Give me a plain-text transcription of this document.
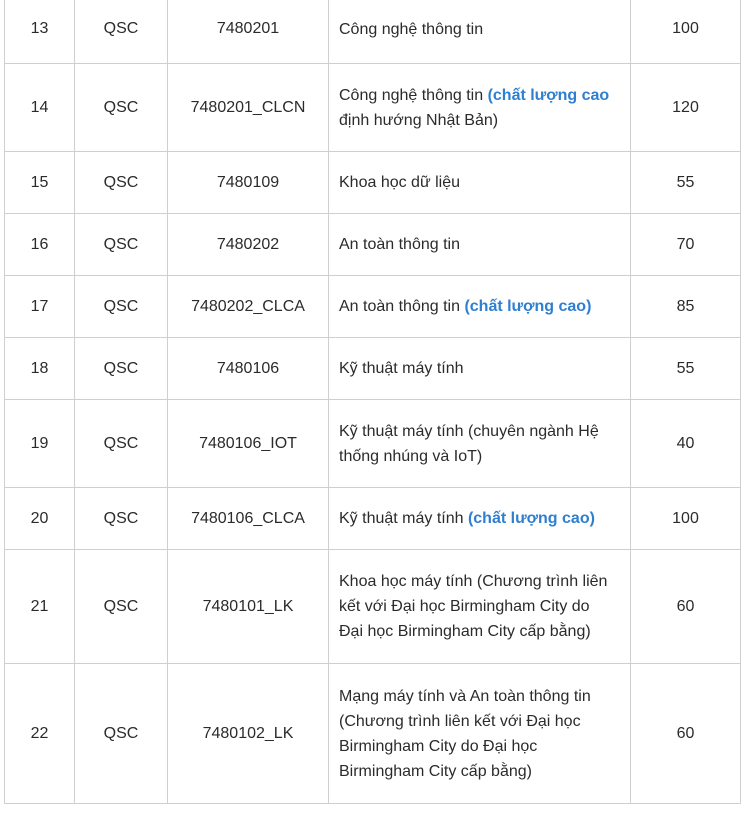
13	QSC	7480201	Công nghệ thông tin	100
14	QSC	7480201_CLCN	Công nghệ thông tin (chất lượng cao định hướng Nhật Bản)	120
15	QSC	7480109	Khoa học dữ liệu	55
16	QSC	7480202	An toàn thông tin	70
17	QSC	7480202_CLCA	An toàn thông tin (chất lượng cao)	85
18	QSC	7480106	Kỹ thuật máy tính	55
19	QSC	7480106_IOT	Kỹ thuật máy tính (chuyên ngành Hệ thống nhúng và IoT)	40
20	QSC	7480106_CLCA	Kỹ thuật máy tính (chất lượng cao)	100
21	QSC	7480101_LK	Khoa học máy tính (Chương trình liên kết với Đại học Birmingham City do Đại học Birmingham City cấp bằng)	60
22	QSC	7480102_LK	Mạng máy tính và An toàn thông tin (Chương trình liên kết với Đại học Birmingham City do Đại học Birmingham City cấp bằng)	60
